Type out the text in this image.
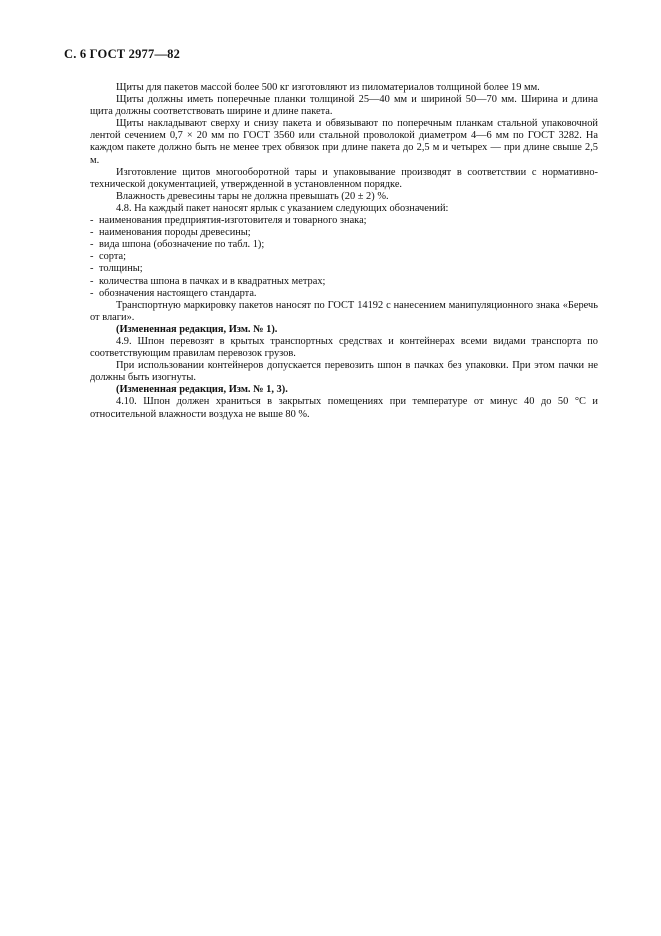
С. 6 ГОСТ 2977—82

Щиты для пакетов массой более 500 кг изготовляют из пиломатериалов толщиной более 19 мм.

Щиты должны иметь поперечные планки толщиной 25—40 мм и шириной 50—70 мм. Ширина и длина щита должны соответствовать ширине и длине пакета.

Щиты накладывают сверху и снизу пакета и обвязывают по поперечным планкам стальной упаковочной лентой сечением 0,7 × 20 мм по ГОСТ 3560 или стальной проволокой диаметром 4—6 мм по ГОСТ 3282. На каждом пакете должно быть не менее трех обвязок при длине пакета до 2,5 м и четырех — при длине свыше 2,5 м.

Изготовление щитов многооборотной тары и упаковывание производят в соответствии с нормативно-технической документацией, утвержденной в установленном порядке.

Влажность древесины тары не должна превышать (20 ± 2) %.

4.8. На каждый пакет наносят ярлык с указанием следующих обозначений:

- наименования предприятия-изготовителя и товарного знака;
- наименования породы древесины;
- вида шпона (обозначение по табл. 1);
- сорта;
- толщины;
- количества шпона в пачках и в квадратных метрах;
- обозначения настоящего стандарта.

Транспортную маркировку пакетов наносят по ГОСТ 14192 с нанесением манипуляционного знака «Беречь от влаги».

(Измененная редакция, Изм. № 1).

4.9. Шпон перевозят в крытых транспортных средствах и контейнерах всеми видами транспорта по соответствующим правилам перевозок грузов.

При использовании контейнеров допускается перевозить шпон в пачках без упаковки. При этом пачки не должны быть изогнуты.

(Измененная редакция, Изм. № 1, 3).

4.10. Шпон должен храниться в закрытых помещениях при температуре от минус 40 до 50 °С и относительной влажности воздуха не выше 80 %.
